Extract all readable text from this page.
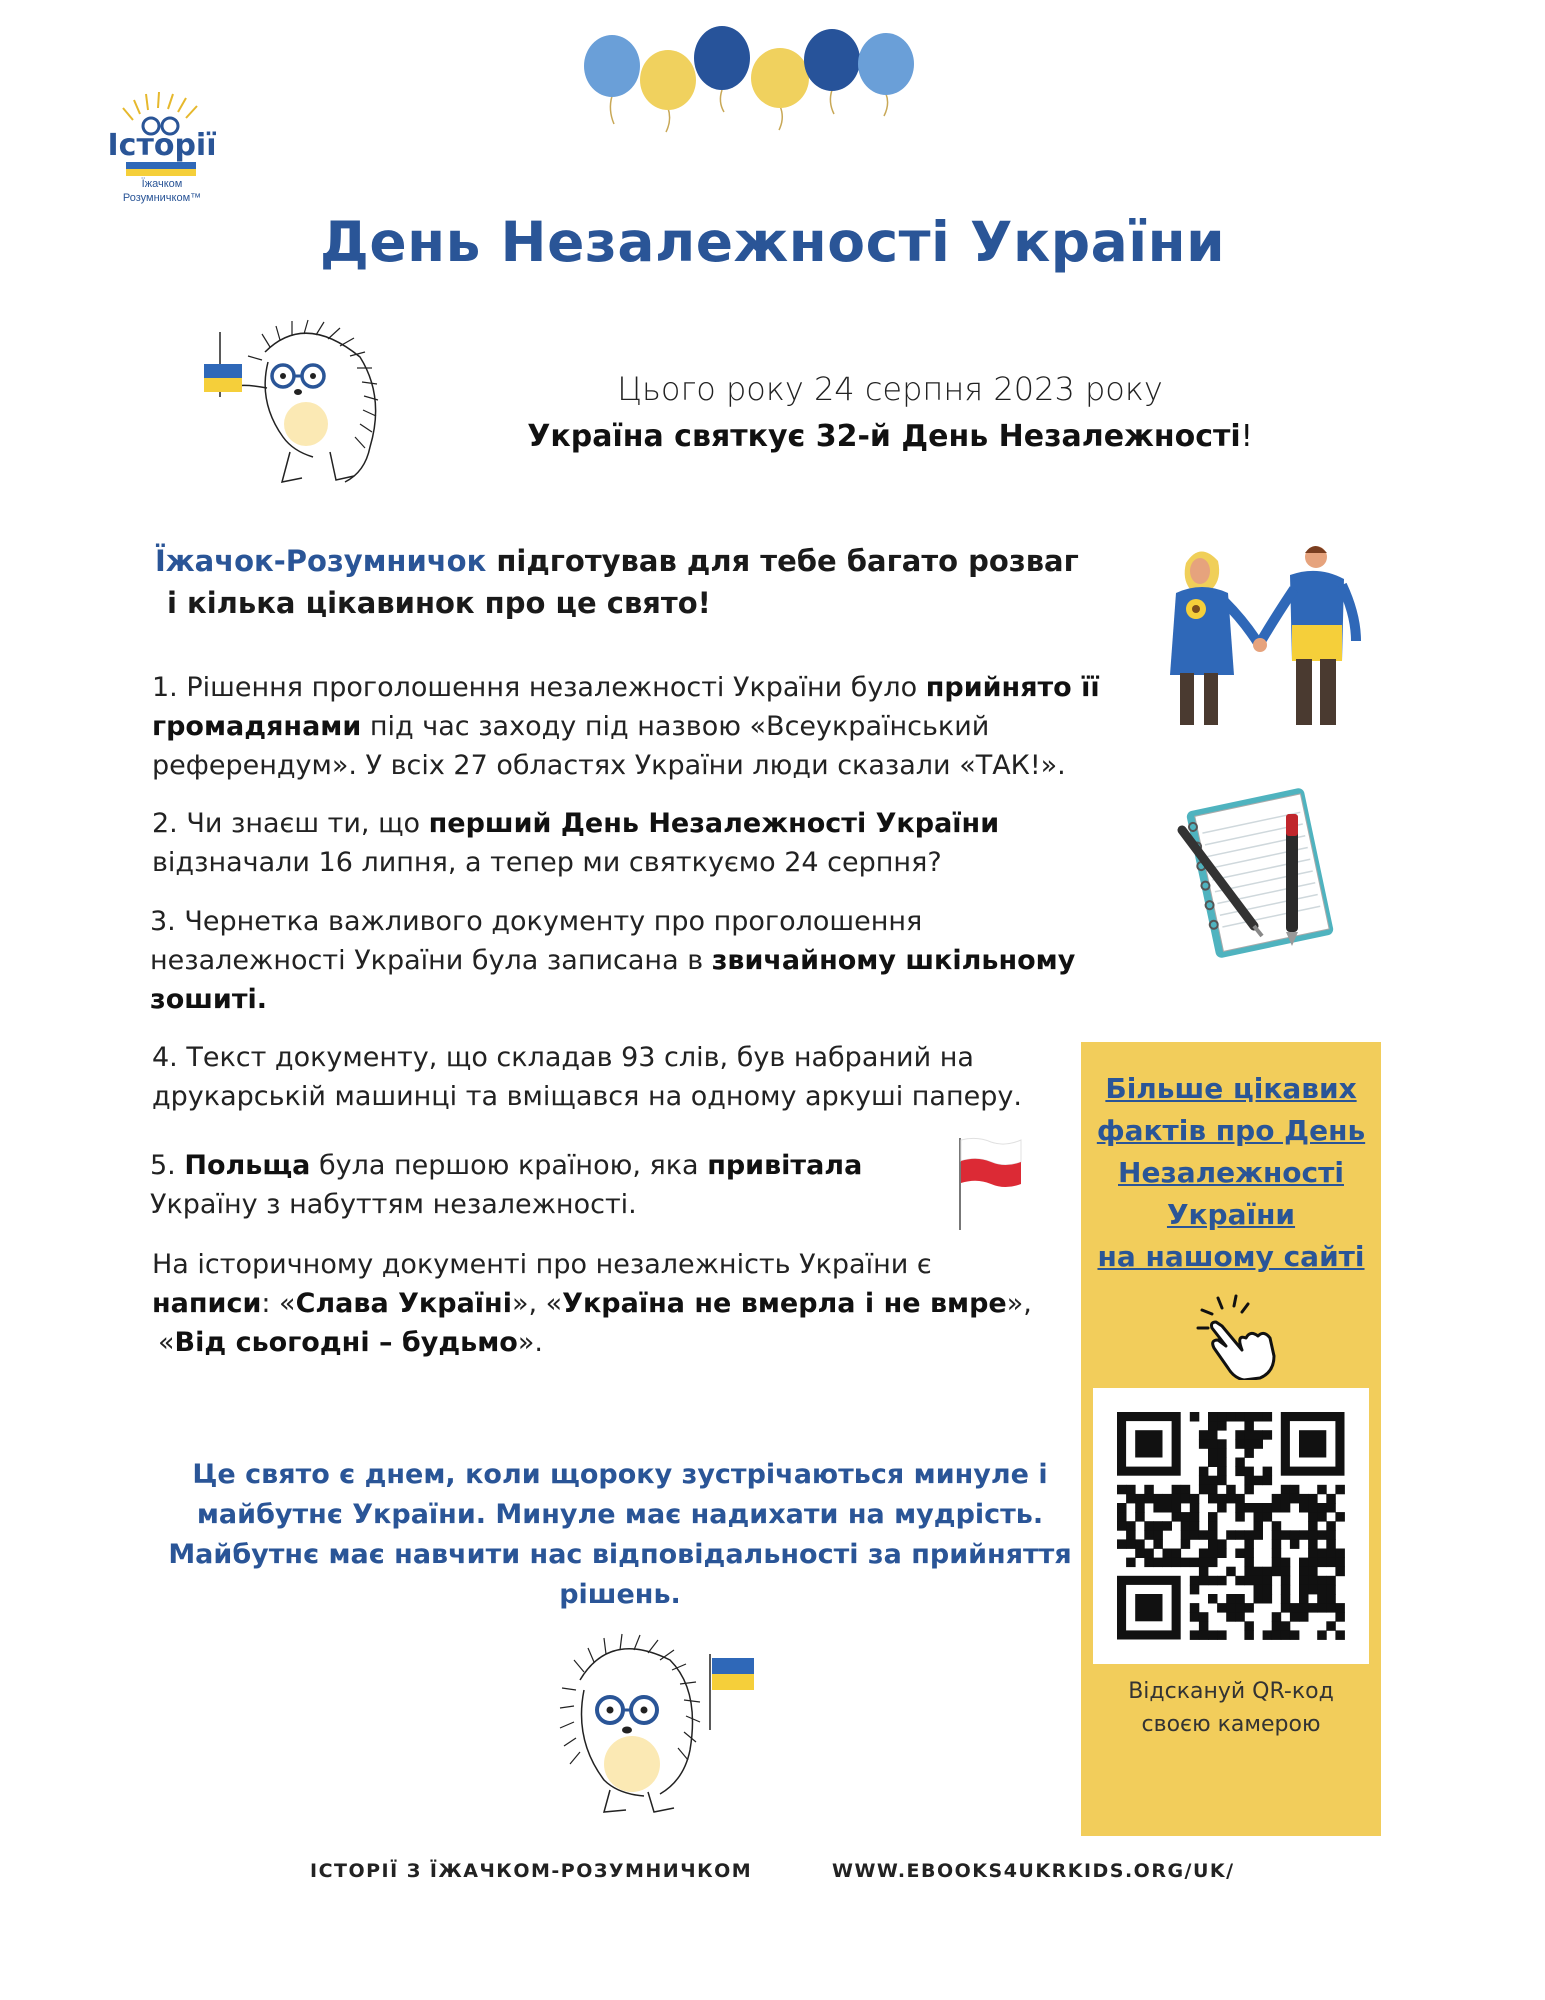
Історії
Їжачком
Розумничком™
День Незалежності України
Цього року 24 серпня 2023 року
Україна святкує 32-й День Незалежності!
Їжачок-Розумничок підготував для тебе багато розваг
і кілька цікавинок про це свято!
1. Рішення проголошення незалежності України було прийнято її громадянами під час заходу під назвою «Всеукраїнський референдум». У всіх 27 областях України люди сказали «ТАК!».
2. Чи знаєш ти, що перший День Незалежності України відзначали 16 липня, а тепер ми святкуємо 24 серпня?
3. Чернетка важливого документу про проголошення незалежності України була записана в звичайному шкільному зошиті.
4. Текст документу, що складав 93 слів, був набраний на друкарській машинці та вміщався на одному аркуші паперу.
5. Польща була першою країною, яка привітала Україну з набуттям незалежності.
На історичному документі про незалежність України є написи: «Слава Україні», «Україна не вмерла і не вмре»,
«Від сьогодні – будьмо».
Це свято є днем, коли щороку зустрічаються минуле і майбутнє України. Минуле має надихати на мудрість. Майбутнє має навчити нас відповідальності за прийняття рішень.
Більше цікавих
фактів про День
Незалежності
України
на нашому сайті
Відскануй QR-код
своєю камерою
ІСТОРІЇ З ЇЖАЧКОМ-РОЗУМНИЧКОМ	WWW.EBOOKS4UKRKIDS.ORG/UK/
